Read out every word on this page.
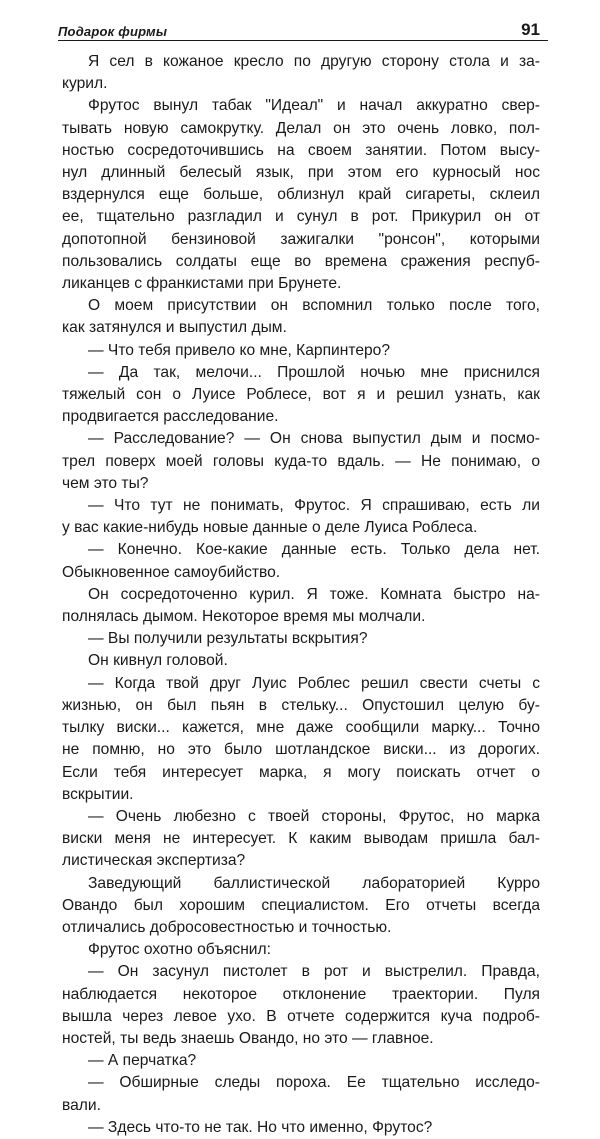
Подарок фирмы	91

Я сел в кожаное кресло по другую сторону стола и за-

курил.

Фрутос вынул табак "Идеал" и начал аккуратно свер-

тывать новую самокрутку. Делал он это очень ловко, пол-

ностью сосредоточившись на своем занятии. Потом высу-

нул длинный белесый язык, при этом его курносый нос

вздернулся еще больше, облизнул край сигареты, склеил

ее, тщательно разгладил и сунул в рот. Прикурил он от

допотопной бензиновой зажигалки "ронсон", которыми

пользовались солдаты еще во времена сражения респуб-

ликанцев с франкистами при Брунете.

О моем присутствии он вспомнил только после того,

как затянулся и выпустил дым.

— Что тебя привело ко мне, Карпинтеро?

— Да так, мелочи... Прошлой ночью мне приснился

тяжелый сон о Луисе Роблесе, вот я и решил узнать, как

продвигается расследование.

— Расследование? — Он снова выпустил дым и посмо-

трел поверх моей головы куда-то вдаль. — Не понимаю, о

чем это ты?

— Что тут не понимать, Фрутос. Я спрашиваю, есть ли

у вас какие-нибудь новые данные о деле Луиса Роблеса.

— Конечно. Кое-какие данные есть. Только дела нет.

Обыкновенное самоубийство.

Он сосредоточенно курил. Я тоже. Комната быстро на-

полнялась дымом. Некоторое время мы молчали.

— Вы получили результаты вскрытия?

Он кивнул головой.

— Когда твой друг Луис Роблес решил свести счеты с

жизнью, он был пьян в стельку... Опустошил целую бу-

тылку виски... кажется, мне даже сообщили марку... Точно

не помню, но это было шотландское виски... из дорогих.

Если тебя интересует марка, я могу поискать отчет о

вскрытии.

— Очень любезно с твоей стороны, Фрутос, но марка

виски меня не интересует. К каким выводам пришла бал-

листическая экспертиза?

Заведующий баллистической лабораторией Курро

Овандо был хорошим специалистом. Его отчеты всегда

отличались добросовестностью и точностью.

Фрутос охотно объяснил:

— Он засунул пистолет в рот и выстрелил. Правда,

наблюдается некоторое отклонение траектории. Пуля

вышла через левое ухо. В отчете содержится куча подроб-

ностей, ты ведь знаешь Овандо, но это — главное.

— А перчатка?

— Обширные следы пороха. Ее тщательно исследо-

вали.

— Здесь что-то не так. Но что именно, Фрутос?
